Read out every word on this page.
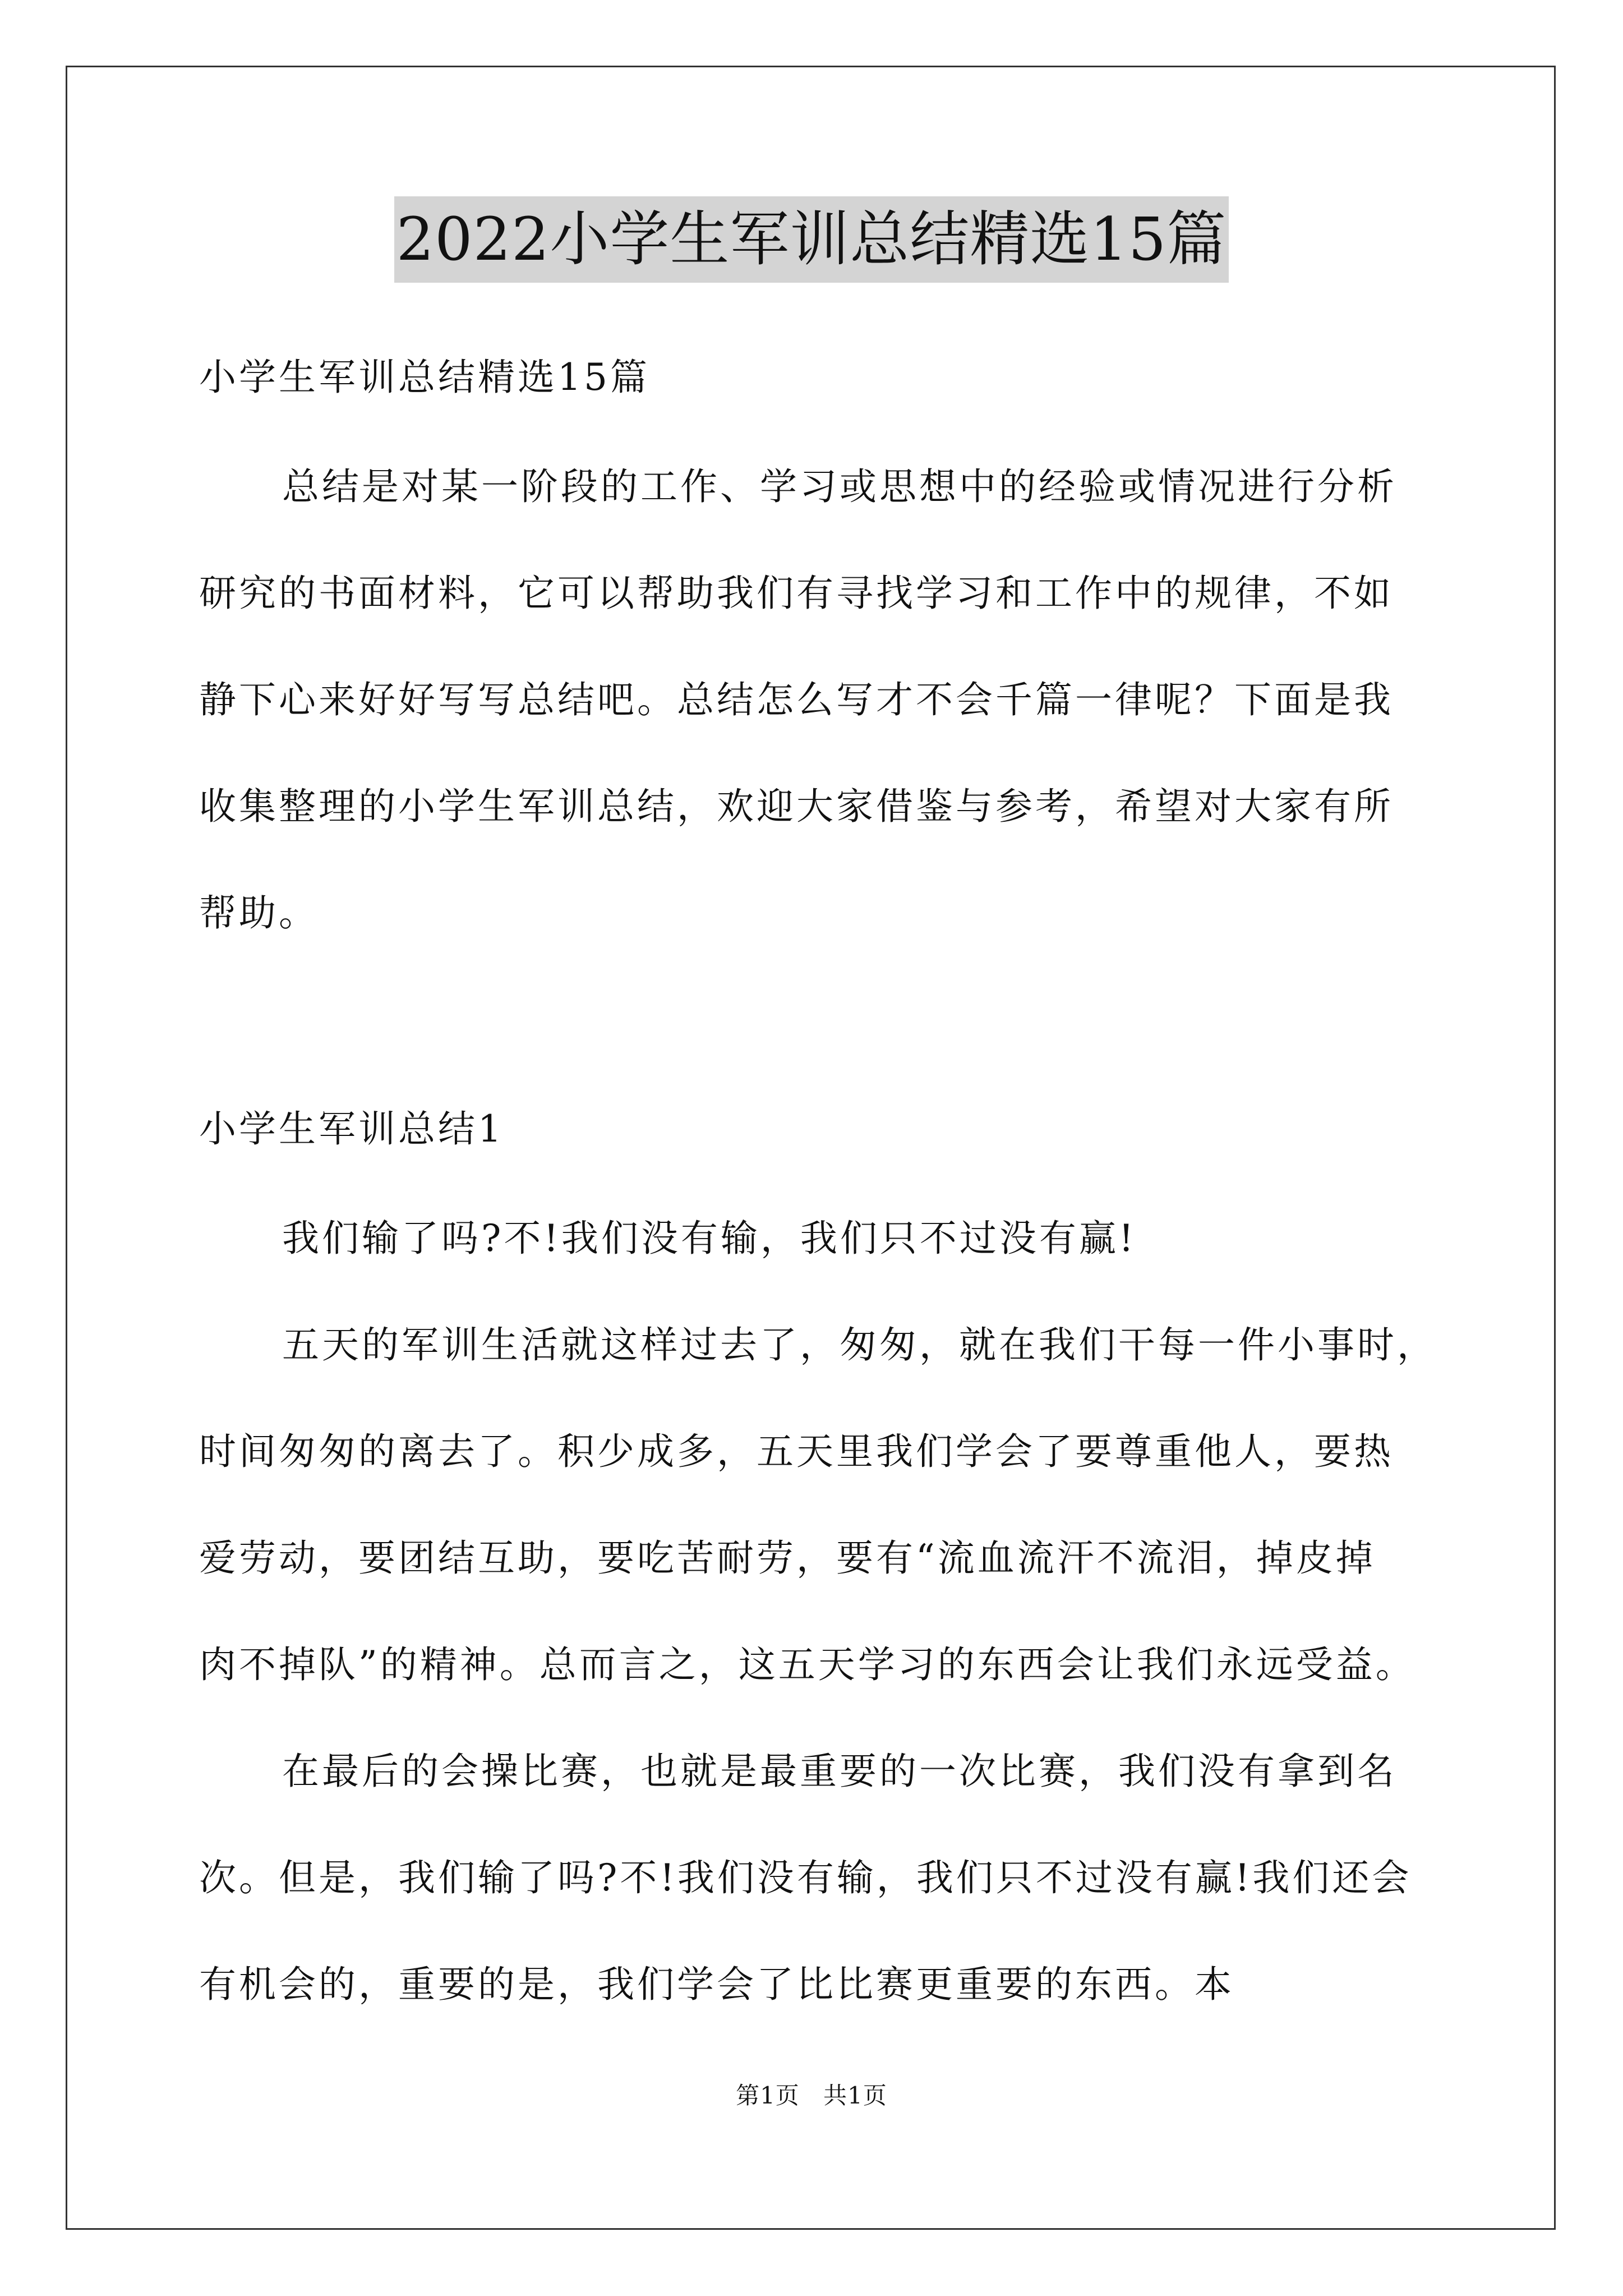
2022小学生军训总结精选15篇
小学生军训总结精选15篇
总结是对某一阶段的工作、学习或思想中的经验或情况进行分析
研究的书面材料，它可以帮助我们有寻找学习和工作中的规律，不如
静下心来好好写写总结吧。总结怎么写才不会千篇一律呢？下面是我
收集整理的小学生军训总结，欢迎大家借鉴与参考，希望对大家有所
帮助。
小学生军训总结1
我们输了吗?不!我们没有输，我们只不过没有赢!
五天的军训生活就这样过去了，匆匆，就在我们干每一件小事时，
时间匆匆的离去了。积少成多，五天里我们学会了要尊重他人，要热
爱劳动，要团结互助，要吃苦耐劳，要有“流血流汗不流泪，掉皮掉
肉不掉队”的精神。总而言之，这五天学习的东西会让我们永远受益。
在最后的会操比赛，也就是最重要的一次比赛，我们没有拿到名
次。但是，我们输了吗?不!我们没有输，我们只不过没有赢!我们还会
有机会的，重要的是，我们学会了比比赛更重要的东西。本
第1页 共1页
